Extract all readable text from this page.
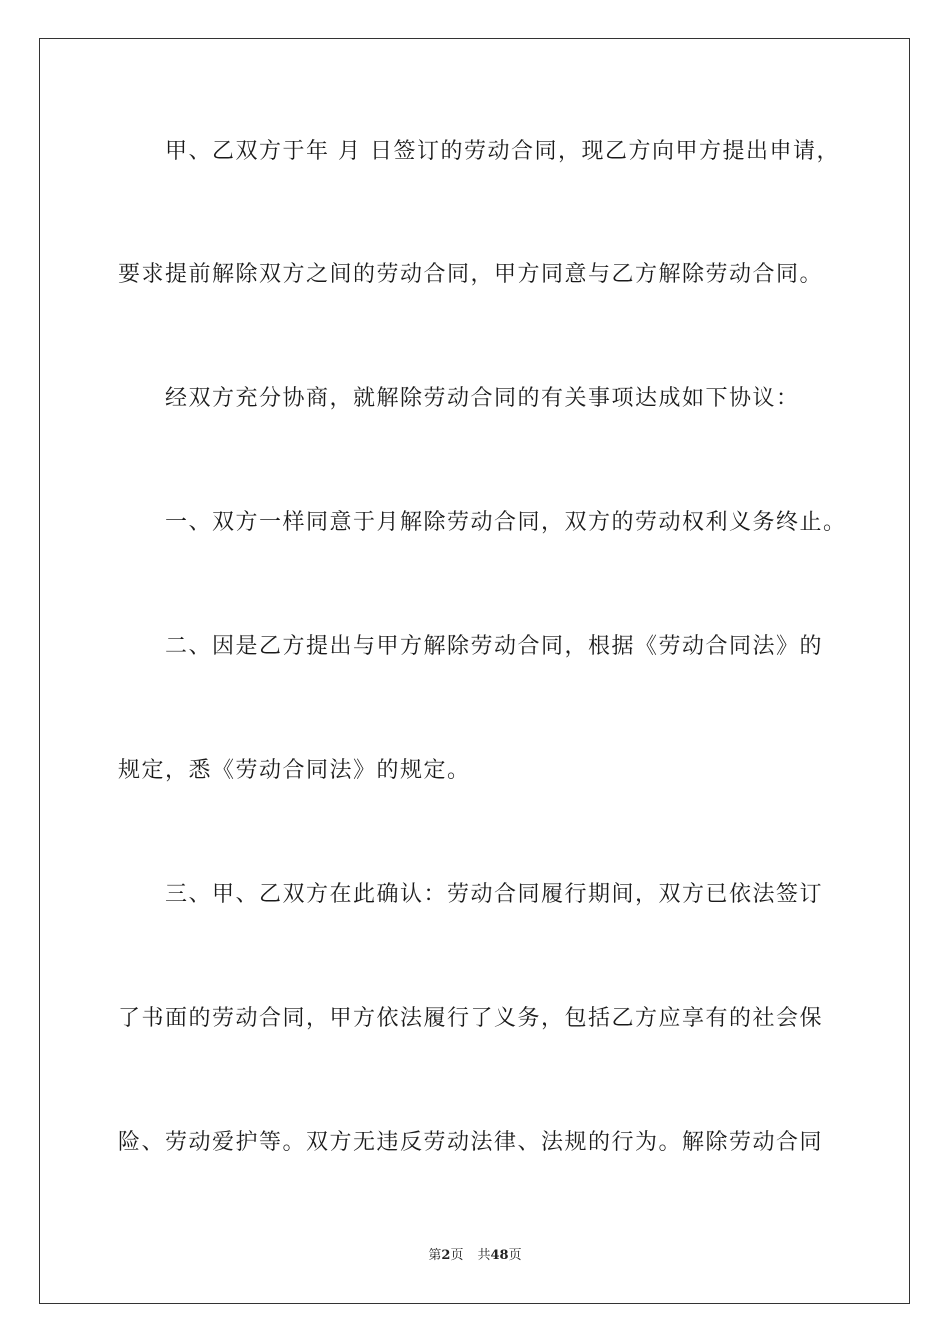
甲、乙双方于年 月 日签订的劳动合同，现乙方向甲方提出申请，
要求提前解除双方之间的劳动合同，甲方同意与乙方解除劳动合同。
经双方充分协商，就解除劳动合同的有关事项达成如下协议：
一、双方一样同意于月解除劳动合同，双方的劳动权利义务终止。
二、因是乙方提出与甲方解除劳动合同，根据《劳动合同法》的
规定，悉《劳动合同法》的规定。
三、甲、乙双方在此确认：劳动合同履行期间，双方已依法签订
了书面的劳动合同，甲方依法履行了义务，包括乙方应享有的社会保
险、劳动爱护等。双方无违反劳动法律、法规的行为。解除劳动合同
第2页 共48页
